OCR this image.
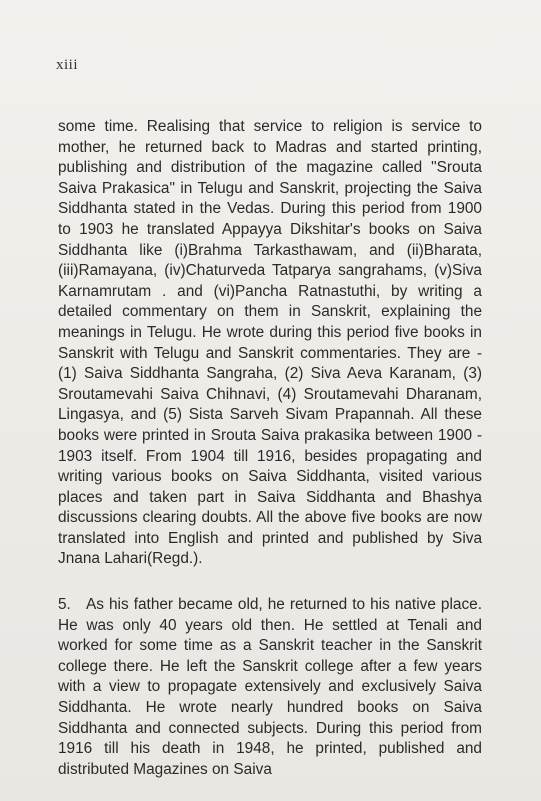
xiii

some time. Realising that service to religion is service to mother, he returned back to Madras and started printing, publishing and distribution of the magazine called "Srouta Saiva Prakasica" in Telugu and Sanskrit, projecting the Saiva Siddhanta stated in the Vedas. During this period from 1900 to 1903 he translated Appayya Dikshitar's books on Saiva Siddhanta like (i)Brahma Tarkasthawam, and (ii)Bharata, (iii)Ramayana, (iv)Chaturveda Tatparya sangrahams, (v)Siva Karnamrutam . and (vi)Pancha Ratnastuthi, by writing a detailed commentary on them in Sanskrit, explaining the meanings in Telugu. He wrote during this period five books in Sanskrit with Telugu and Sanskrit commentaries. They are - (1) Saiva Siddhanta Sangraha, (2) Siva Aeva Karanam, (3) Sroutamevahi Saiva Chihnavi, (4) Sroutamevahi Dharanam, Lingasya, and (5) Sista Sarveh Sivam Prapannah. All these books were printed in Srouta Saiva prakasika between 1900 - 1903 itself. From 1904 till 1916, besides propagating and writing various books on Saiva Siddhanta, visited various places and taken part in Saiva Siddhanta and Bhashya discussions clearing doubts. All the above five books are now translated into English and printed and published by Siva Jnana Lahari(Regd.).

5. As his father became old, he returned to his native place. He was only 40 years old then. He settled at Tenali and worked for some time as a Sanskrit teacher in the Sanskrit college there. He left the Sanskrit college after a few years with a view to propagate extensively and exclusively Saiva Siddhanta. He wrote nearly hundred books on Saiva Siddhanta and connected subjects. During this period from 1916 till his death in 1948, he printed, published and distributed Magazines on Saiva
